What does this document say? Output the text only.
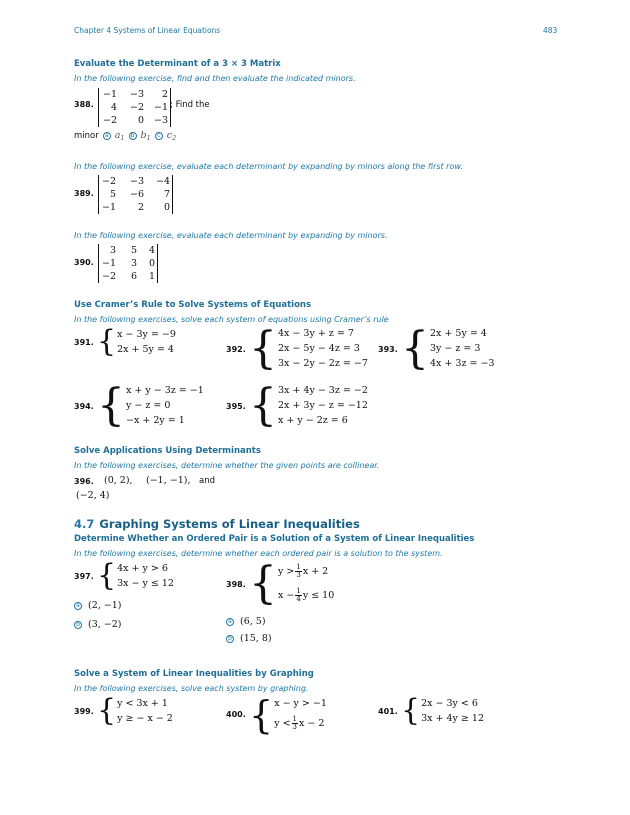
Chapter 4 Systems of Linear Equations	483
Evaluate the Determinant of a 3 × 3 Matrix
In the following exercise, find and then evaluate the indicated minors.
388.
−1	−3	2
4	−2	−1
−2	0	−3
; Find the
minor	a $a_1$	b $b_1$	c $c_2$
In the following exercise, evaluate each determinant by expanding by minors along the first row.
389.
−2	−3	−4
5	−6	7
−1	2	0
In the following exercise, evaluate each determinant by expanding by minors.
390.
3	5	4
−1	3	0
−2	6	1
Use Cramer’s Rule to Solve Systems of Equations
In the following exercises, solve each system of equations using Cramer’s rule
391. { x − 3y = −9
2x + 5y = 4	392. { 4x − 3y + z = 7
2x − 5y − 4z = 3
3x − 2y − 2z = −7
393. { 2x + 5y = 4
3y − z = 3
4x + 3z = −3
394. { x + y − 3z = −1
y − z = 0
−x + 2y = 1
395. { 3x + 4y − 3z = −2
2x + 3y − z = −12
x + y − 2z = 6
Solve Applications Using Determinants
In the following exercises, determine whether the given points are collinear.
396. (0, 2), (−1, −1), and
(−2, 4)
4.7 Graphing Systems of Linear Inequalities
Determine Whether an Ordered Pair is a Solution of a System of Linear Inequalities
In the following exercises, determine whether each ordered pair is a solution to the system.
397. { 4x + y > 6
3x − y ≤ 12
a (2, −1)
b (3, −2)
398. { $y > \frac{1}{3}$ x + 2
$x - \frac{1}{4}$ y ≤ 10
a (6, 5)
b (15, 8)
Solve a System of Linear Inequalities by Graphing
In the following exercises, solve each system by graphing.
399. { y < 3x + 1
y ≥ − x − 2	400. { x − y > −1
$y < \frac{1}{3}$ x − 2
401. { 2x − 3y < 6
3x + 4y ≥ 12
